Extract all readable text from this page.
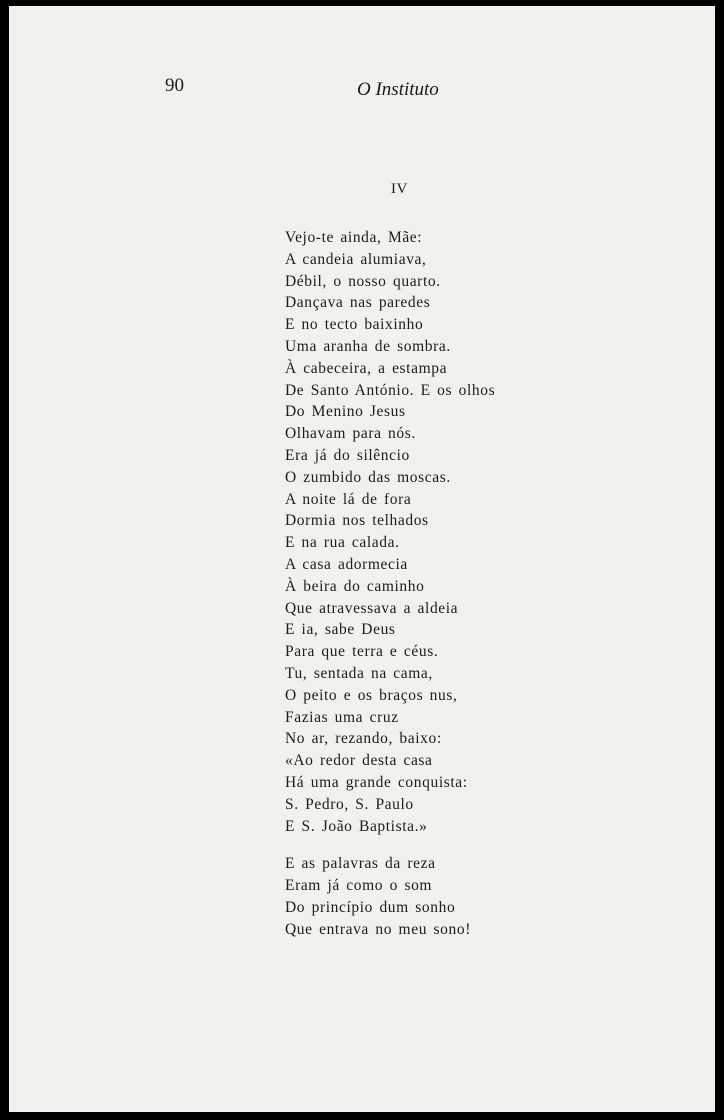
90	O Instituto
IV
Vejo-te ainda, Mãe:
A candeia alumiava,
Débil, o nosso quarto.
Dançava nas paredes
E no tecto baixinho
Uma aranha de sombra.
À cabeceira, a estampa
De Santo António. E os olhos
Do Menino Jesus
Olhavam para nós.
Era já do silêncio
O zumbido das moscas.
A noite lá de fora
Dormia nos telhados
E na rua calada.
A casa adormecia
À beira do caminho
Que atravessava a aldeia
E ia, sabe Deus
Para que terra e céus.
Tu, sentada na cama,
O peito e os braços nus,
Fazias uma cruz
No ar, rezando, baixo:
«Ao redor desta casa
Há uma grande conquista:
S. Pedro, S. Paulo
E S. João Baptista.»
E as palavras da reza
Eram já como o som
Do princípio dum sonho
Que entrava no meu sono!
